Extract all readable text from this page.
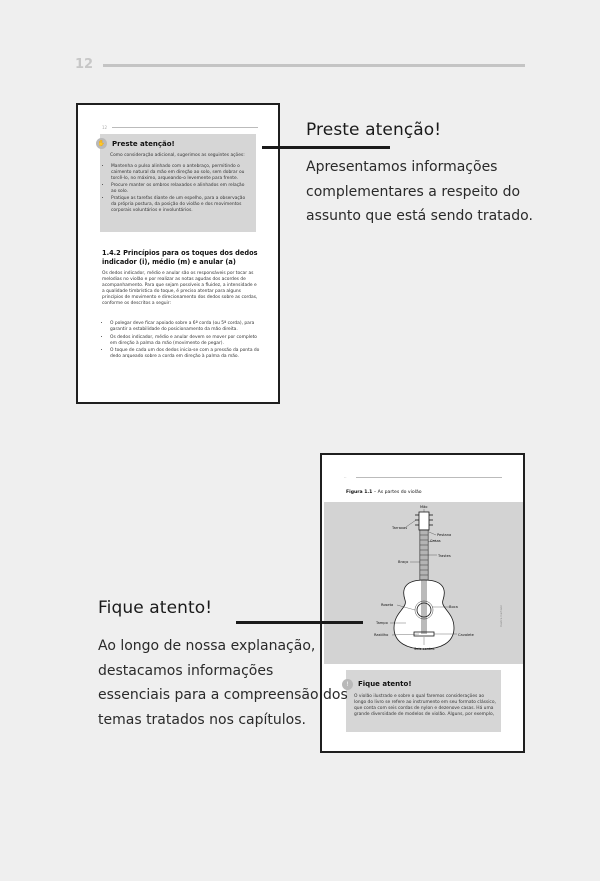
12
12
✋ Preste atenção!
Como consideração adicional, sugerimos as seguintes ações:
• Mantenha o pulso alinhado com o antebraço, permitindo o caimento natural da mão em direção ao solo, sem dobrar ou torcê-lo, no máximo, arqueando-o levemente para frente.
• Procure manter os ombros relaxados e alinhados em relação ao solo.
• Pratique as tarefas diante de um espelho, para a observação da própria postura, da posição do violão e dos movimentos corporais voluntários e involuntários.
1.4.2 Princípios para os toques dos dedos indicador (i), médio (m) e anular (a)
Os dedos indicador, médio e anular são os responsáveis por tocar as melodias no violão e por realizar as notas agudas dos acordes de acompanhamento. Para que sejam possíveis a fluidez, a intensidade e a qualidade timbrística do toque, é preciso atentar para alguns princípios de movimento e direcionamento dos dedos sobre as cordas, conforme os descritos a seguir:
• O polegar deve ficar apoiado sobre a 6ª corda (ou 5ª corda), para garantir a estabilidade do posicionamento da mão direita.
• Os dedos indicador, médio e anular devem se mover por completo em direção à palma da mão (movimento de pegar).
• O toque de cada um dos dedos inicia-se com a pressão da ponta do dedo arqueado sobre a corda em direção à palma da mão.
··
Figura 1.1 – As partes do violão
Mão
Tarraxas
Pestana
Casas
Trastes
Braço
Roseta	Boca
Tampo
Rastilho	Cavalete
Seis cordas
Ilustra Cartoon
!	Fique atento!
O violão ilustrado e sobre o qual faremos considerações ao longo do livro se refere ao instrumento em seu formato clássico, que conta com seis cordas de nylon e dezenove casas. Há uma grande diversidade de modelos de violão. Alguns, por exemplo,
Preste atenção!
Apresentamos informações complementares a respeito do assunto que está sendo tratado.
Fique atento!
Ao longo de nossa explanação, destacamos informações essenciais para a compreensão dos temas tratados nos capítulos.
